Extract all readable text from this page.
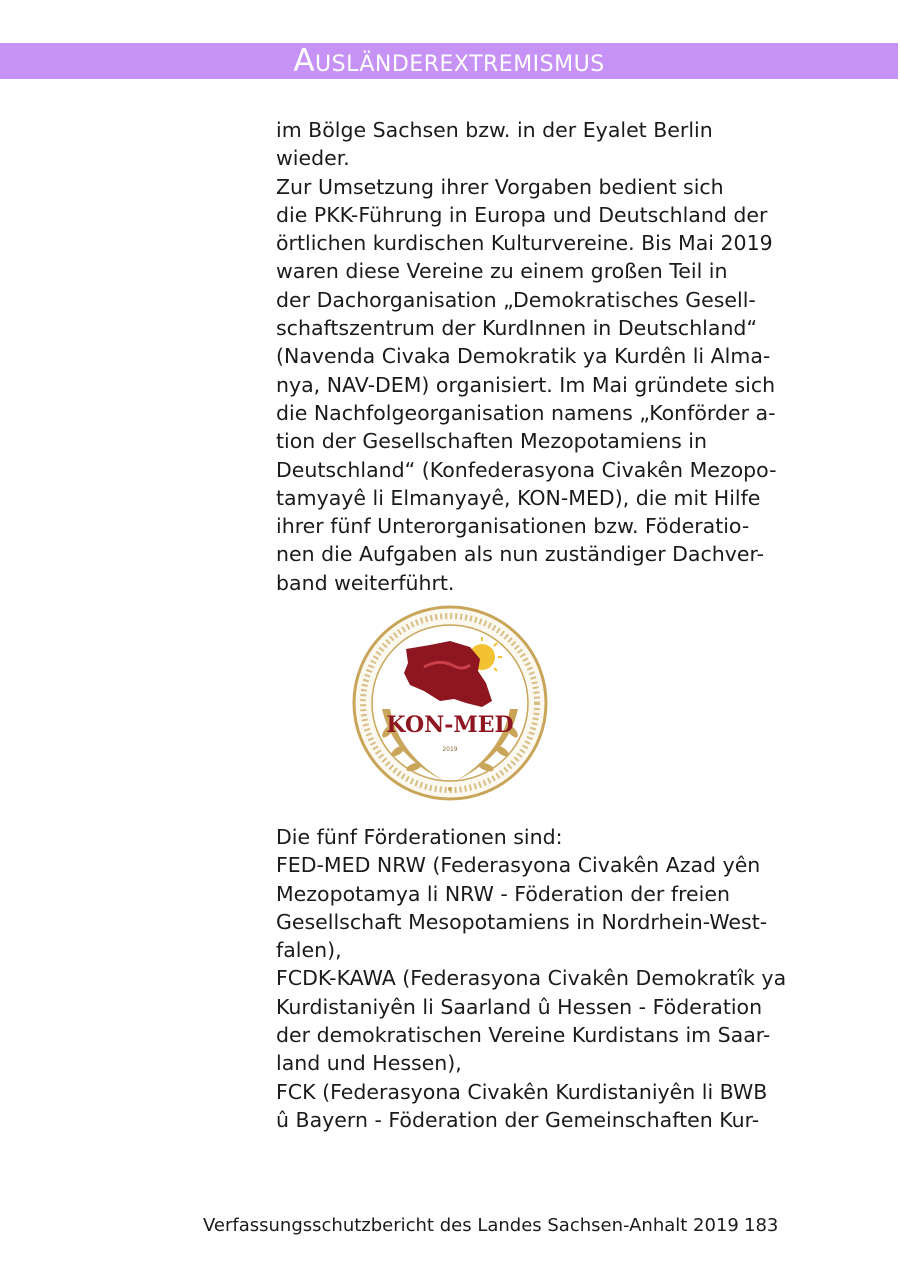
AUSLÄNDEREXTREMISMUS
im Bölge Sachsen bzw. in der Eyalet Berlin
wieder.
Zur Umsetzung ihrer Vorgaben bedient sich
die PKK-Führung in Europa und Deutschland der
örtlichen kurdischen Kulturvereine. Bis Mai 2019
waren diese Vereine zu einem großen Teil in
der Dachorganisation „Demokratisches Gesell-
schaftszentrum der KurdInnen in Deutschland“
(Navenda Civaka Demokratik ya Kurdên li Alma-
nya, NAV-DEM) organisiert. Im Mai gründete sich
die Nachfolgeorganisation namens „Konförder a-
tion der Gesellschaften Mezopotamiens in
Deutschland“ (Konfederasyona Civakên Mezopo-
tamyayê li Elmanyayê, KON-MED), die mit Hilfe
ihrer fünf Unterorganisationen bzw. Föderatio-
nen die Aufgaben als nun zuständiger Dachver-
band weiterführt.
KON-MED
2019
Die fünf Förderationen sind:
FED-MED NRW (Federasyona Civakên Azad yên
Mezopotamya li NRW - Föderation der freien
Gesellschaft Mesopotamiens in Nordrhein-West-
falen),
FCDK-KAWA (Federasyona Civakên Demokratîk ya
Kurdistaniyên li Saarland û Hessen - Föderation
der demokratischen Vereine Kurdistans im Saar-
land und Hessen),
FCK (Federasyona Civakên Kurdistaniyên li BWB
û Bayern - Föderation der Gemeinschaften Kur-
Verfassungsschutzbericht des Landes Sachsen-Anhalt 2019 183
